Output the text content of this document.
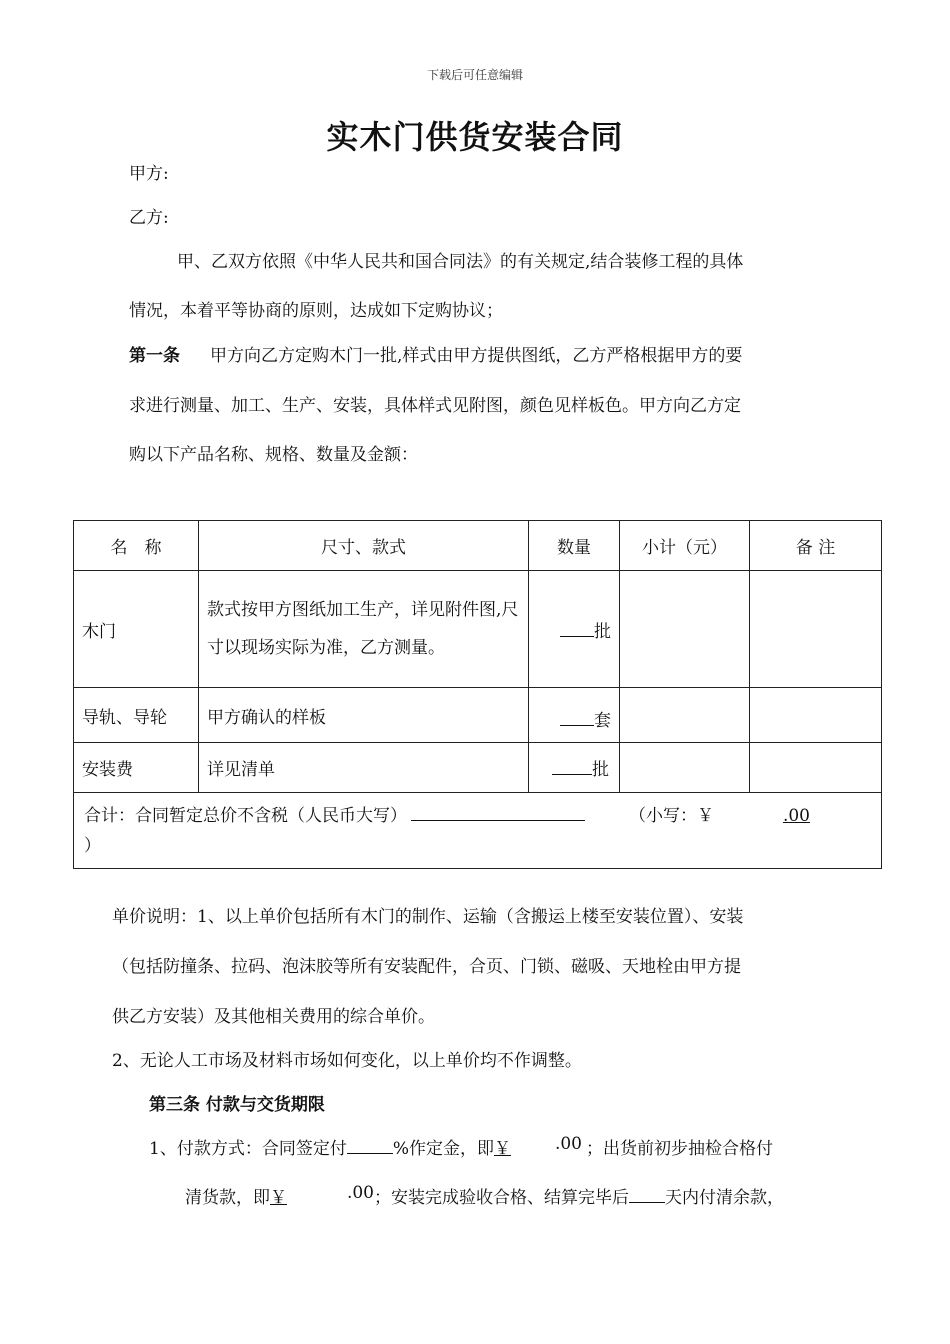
下载后可任意编辑
实木门供货安装合同
甲方:
乙方:
甲、乙双方依照《中华人民共和国合同法》的有关规定,结合装修工程的具体
情况，本着平等协商的原则，达成如下定购协议；
第一条 甲方向乙方定购木门一批,样式由甲方提供图纸，乙方严格根据甲方的要
求进行测量、加工、生产、安装，具体样式见附图，颜色见样板色。甲方向乙方定
购以下产品名称、规格、数量及金额：
名　称	尺寸、款式	数量	小计（元）	备 注
木门	款式按甲方图纸加工生产，详见附件图,尺寸以现场实际为准，乙方测量。	批		
导轨、导轮	甲方确认的样板	套		
安装费	详见清单	批		
合计：合同暂定总价不含税（人民币大写） （小写：￥ .00
）				
单价说明：1、以上单价包括所有木门的制作、运输（含搬运上楼至安装位置）、安装
（包括防撞条、拉码、泡沫胶等所有安装配件，合页、门锁、磁吸、天地栓由甲方提
供乙方安装）及其他相关费用的综合单价。
2、无论人工市场及材料市场如何变化，以上单价均不作调整。
第三条 付款与交货期限
1、付款方式：合同签定付	%作定金，即￥	.00 ；出货前初步抽检合格付
清货款，即￥	.00 ；安装完成验收合格、结算完毕后 天内付清余款，
